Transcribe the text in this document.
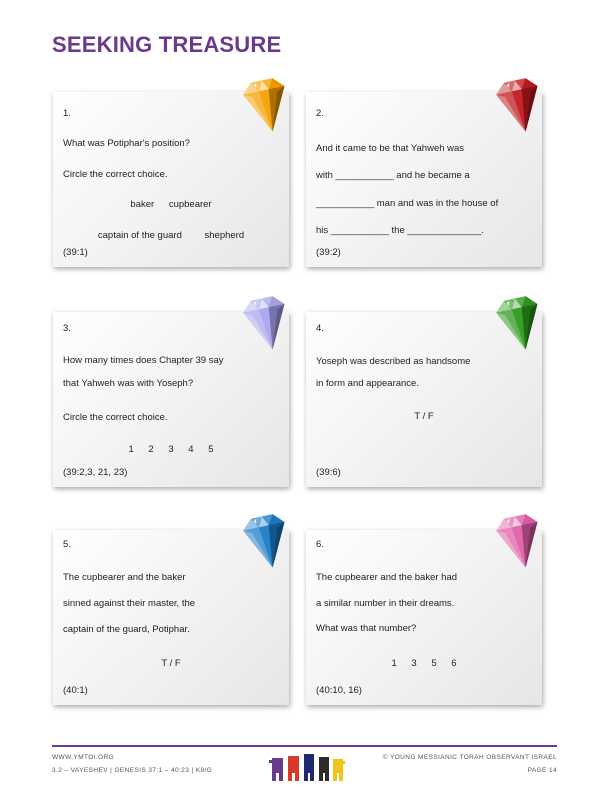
SEEKING TREASURE
1.
What was Potiphar's position?
Circle the correct choice.
baker cupbearer
captain of the guard shepherd
(39:1)
2.
And it came to be that Yahweh was
with ___________ and he became a
___________ man and was in the house of
his ___________ the ______________.
(39:2)
3.
How many times does Chapter 39 say
that Yahweh was with Yoseph?
Circle the correct choice.
1 2 3 4 5
(39:2,3, 21, 23)
4.
Yoseph was described as handsome
in form and appearance.
T / F
(39:6)
5.
The cupbearer and the baker
sinned against their master, the
captain of the guard, Potiphar.
T / F
(40:1)
6.
The cupbearer and the baker had
a similar number in their dreams.
What was that number?
1 3 5 6
(40:10, 16)
WWW.YMTOI.ORG
3.2 – VAYESHEV | GENESIS 37:1 – 40:23 | K8/G
© YOUNG MESSIANIC TORAH OBSERVANT ISRAEL
PAGE 14
